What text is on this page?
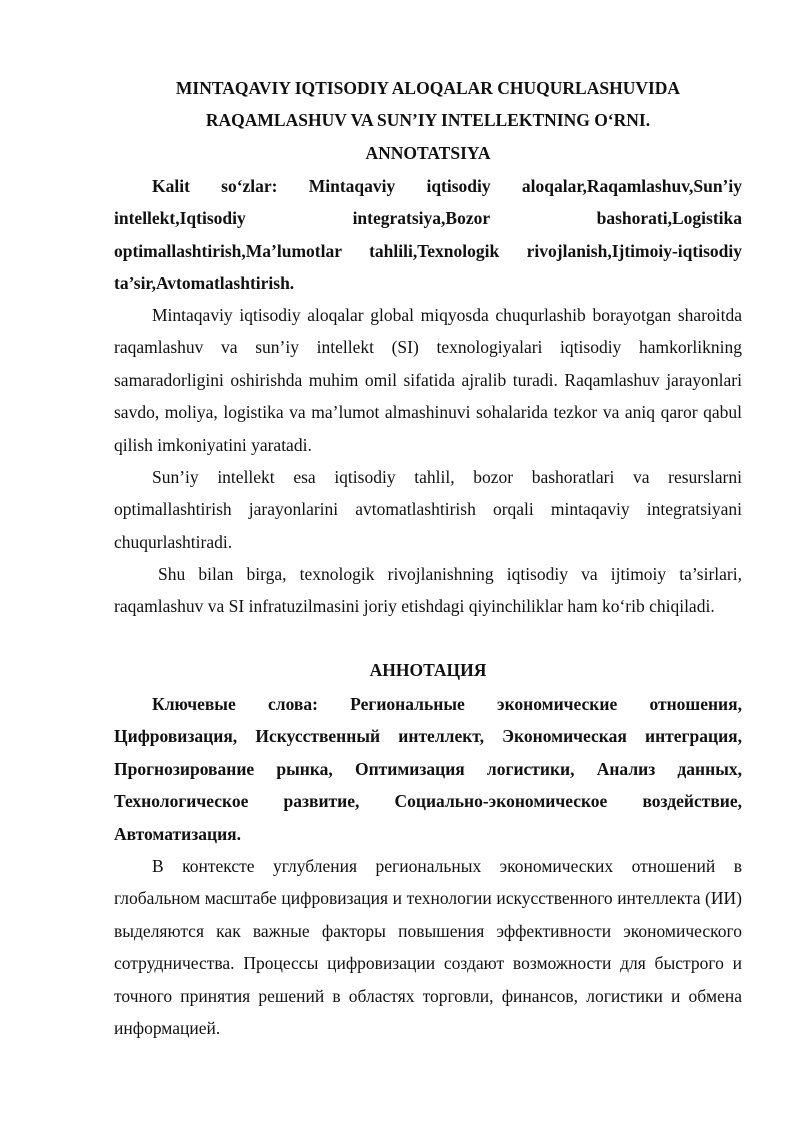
MINTAQAVIY IQTISODIY ALOQALAR CHUQURLASHUVIDA
RAQAMLASHUV VA SUN’IY INTELLEKTNING O‘RNI.
ANNOTATSIYA

Kalit so‘zlar: Mintaqaviy iqtisodiy aloqalar,Raqamlashuv,Sun’iy intellekt,Iqtisodiy integratsiya,Bozor bashorati,Logistika optimallashtirish,Ma’lumotlar tahlili,Texnologik rivojlanish,Ijtimoiy-iqtisodiy ta’sir,Avtomatlashtirish.

Mintaqaviy iqtisodiy aloqalar global miqyosda chuqurlashib borayotgan sharoitda raqamlashuv va sun’iy intellekt (SI) texnologiyalari iqtisodiy hamkorlikning samaradorligini oshirishda muhim omil sifatida ajralib turadi. Raqamlashuv jarayonlari savdo, moliya, logistika va ma’lumot almashinuvi sohalarida tezkor va aniq qaror qabul qilish imkoniyatini yaratadi.

Sun’iy intellekt esa iqtisodiy tahlil, bozor bashoratlari va resurslarni optimallashtirish jarayonlarini avtomatlashtirish orqali mintaqaviy integratsiyani chuqurlashtiradi.

Shu bilan birga, texnologik rivojlanishning iqtisodiy va ijtimoiy ta’sirlari, raqamlashuv va SI infratuzilmasini joriy etishdagi qiyinchiliklar ham ko‘rib chiqiladi.

АННОТАЦИЯ

Ключевые слова: Региональные экономические отношения, Цифровизация, Искусственный интеллект, Экономическая интеграция, Прогнозирование рынка, Оптимизация логистики, Анализ данных, Технологическое развитие, Социально-экономическое воздействие, Автоматизация.

В контексте углубления региональных экономических отношений в глобальном масштабе цифровизация и технологии искусственного интеллекта (ИИ) выделяются как важные факторы повышения эффективности экономического сотрудничества. Процессы цифровизации создают возможности для быстрого и точного принятия решений в областях торговли, финансов, логистики и обмена информацией.
